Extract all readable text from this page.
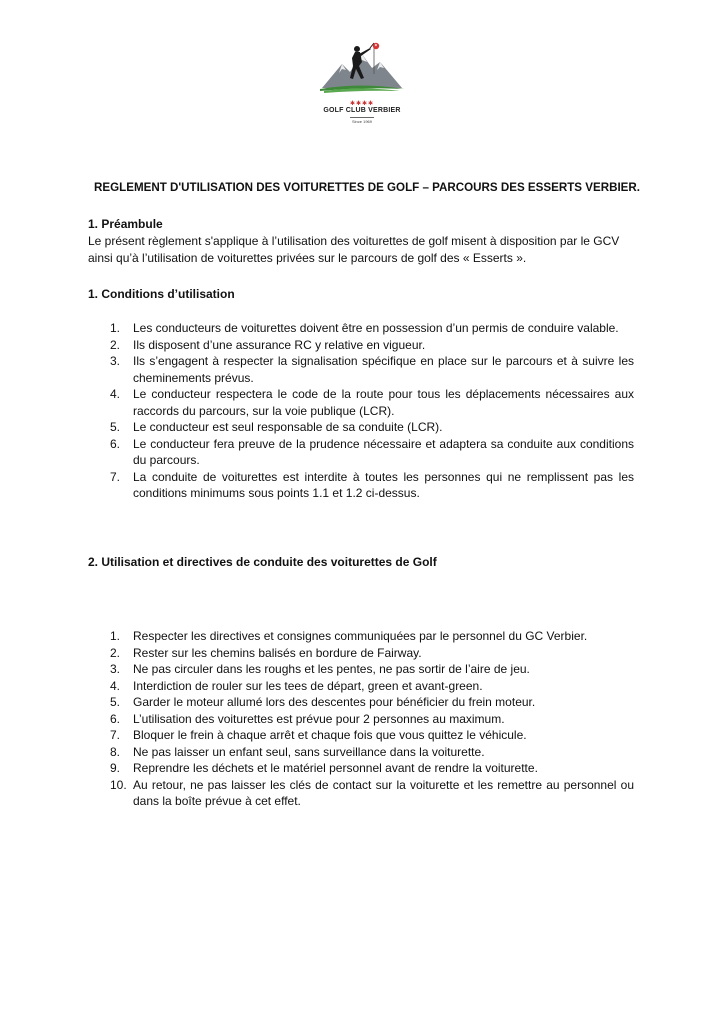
✱✱✱✱
GOLF CLUB VERBIER
Since 1969
REGLEMENT D'UTILISATION DES VOITURETTES DE GOLF – PARCOURS DES ESSERTS VERBIER.
1. Préambule
Le présent règlement s'applique à l’utilisation des voiturettes de golf misent à disposition par le GCV ainsi qu’à l’utilisation de voiturettes privées sur le parcours de golf des « Esserts ».
1. Conditions d’utilisation
1.	Les conducteurs de voiturettes doivent être en possession d’un permis de conduire valable.
2.	Ils disposent d’une assurance RC y relative en vigueur.
3.	Ils s’engagent à respecter la signalisation spécifique en place sur le parcours et à suivre les cheminements prévus.
4.	Le conducteur respectera le code de la route pour tous les déplacements nécessaires aux raccords du parcours, sur la voie publique (LCR).
5.	Le conducteur est seul responsable de sa conduite (LCR).
6.	Le conducteur fera preuve de la prudence nécessaire et adaptera sa conduite aux conditions du parcours.
7.	La conduite de voiturettes est interdite à toutes les personnes qui ne remplissent pas les conditions minimums sous points 1.1 et 1.2 ci-dessus.
2. Utilisation et directives de conduite des voiturettes de Golf
1.	Respecter les directives et consignes communiquées par le personnel du GC Verbier.
2.	Rester sur les chemins balisés en bordure de Fairway.
3.	Ne pas circuler dans les roughs et les pentes, ne pas sortir de l’aire de jeu.
4.	Interdiction de rouler sur les tees de départ, green et avant-green.
5.	Garder le moteur allumé lors des descentes pour bénéficier du frein moteur.
6.	L’utilisation des voiturettes est prévue pour 2 personnes au maximum.
7.	Bloquer le frein à chaque arrêt et chaque fois que vous quittez le véhicule.
8.	Ne pas laisser un enfant seul, sans surveillance dans la voiturette.
9.	Reprendre les déchets et le matériel personnel avant de rendre la voiturette.
10. Au retour, ne pas laisser les clés de contact sur la voiturette et les remettre au personnel ou dans la boîte prévue à cet effet.
